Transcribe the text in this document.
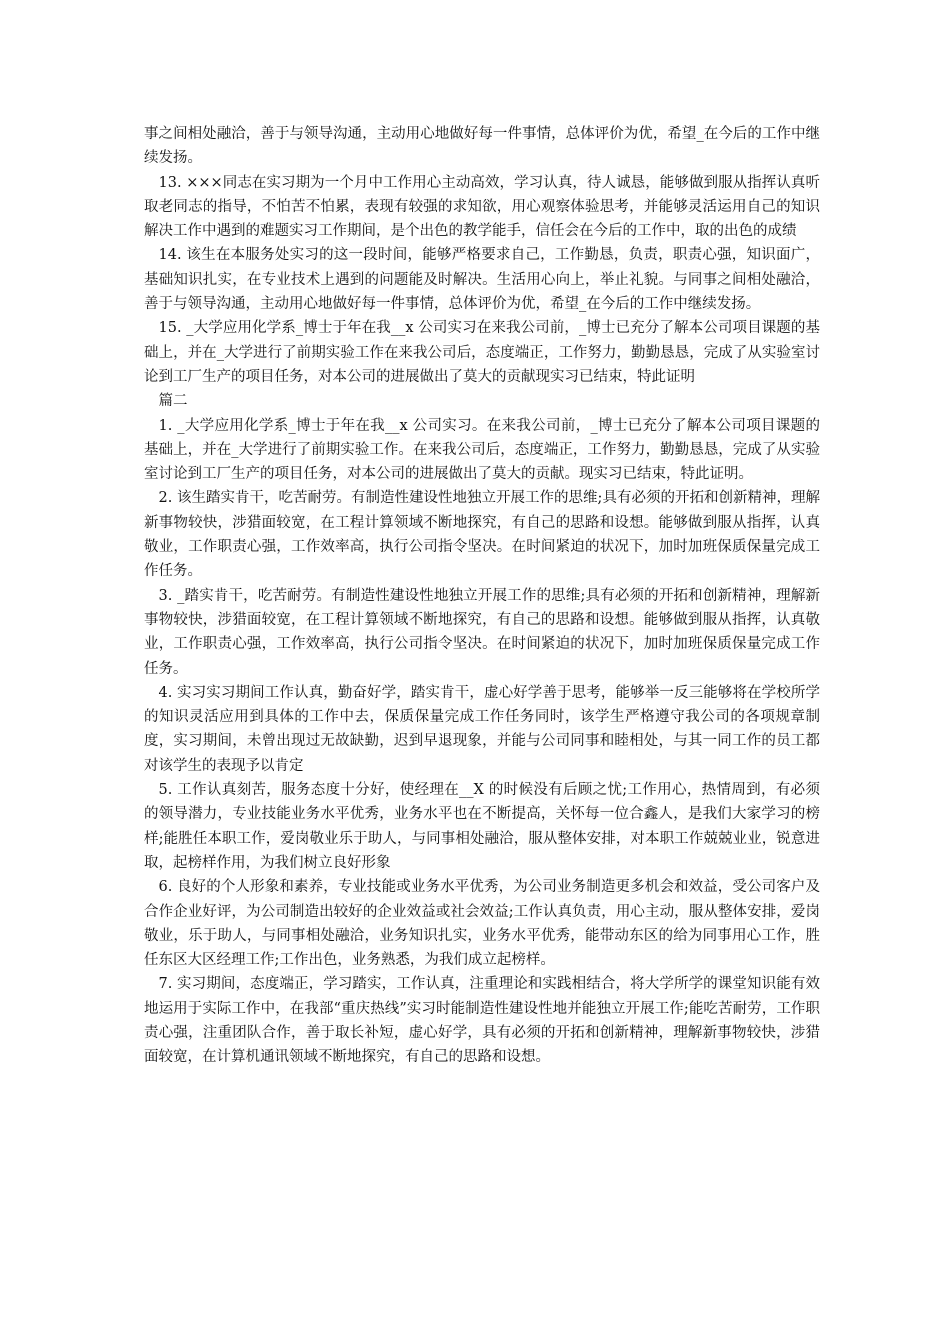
事之间相处融洽，善于与领导沟通，主动用心地做好每一件事情，总体评价为优，希望_在今后的工作中继续发扬。

13. ×××同志在实习期为一个月中工作用心主动高效，学习认真，待人诚恳，能够做到服从指挥认真听取老同志的指导，不怕苦不怕累，表现有较强的求知欲，用心观察体验思考，并能够灵活运用自己的知识解决工作中遇到的难题实习工作期间，是个出色的教学能手，信任会在今后的工作中，取的出色的成绩

14. 该生在本服务处实习的这一段时间，能够严格要求自己，工作勤恳，负责，职责心强，知识面广，基础知识扎实，在专业技术上遇到的问题能及时解决。生活用心向上，举止礼貌。与同事之间相处融洽，善于与领导沟通，主动用心地做好每一件事情，总体评价为优，希望_在今后的工作中继续发扬。

15. _大学应用化学系_博士于年在我__x 公司实习在来我公司前，_博士已充分了解本公司项目课题的基础上，并在_大学进行了前期实验工作在来我公司后，态度端正，工作努力，勤勤恳恳，完成了从实验室讨论到工厂生产的项目任务，对本公司的进展做出了莫大的贡献现实习已结束，特此证明

篇二

1. _大学应用化学系_博士于年在我__x 公司实习。在来我公司前，_博士已充分了解本公司项目课题的基础上，并在_大学进行了前期实验工作。在来我公司后，态度端正，工作努力，勤勤恳恳，完成了从实验室讨论到工厂生产的项目任务，对本公司的进展做出了莫大的贡献。现实习已结束，特此证明。

2. 该生踏实肯干，吃苦耐劳。有制造性建设性地独立开展工作的思维;具有必须的开拓和创新精神，理解新事物较快，涉猎面较宽，在工程计算领域不断地探究，有自己的思路和设想。能够做到服从指挥，认真敬业，工作职责心强，工作效率高，执行公司指令坚决。在时间紧迫的状况下，加时加班保质保量完成工作任务。

3. _踏实肯干，吃苦耐劳。有制造性建设性地独立开展工作的思维;具有必须的开拓和创新精神，理解新事物较快，涉猎面较宽，在工程计算领域不断地探究，有自己的思路和设想。能够做到服从指挥，认真敬业，工作职责心强，工作效率高，执行公司指令坚决。在时间紧迫的状况下，加时加班保质保量完成工作任务。

4. 实习实习期间工作认真，勤奋好学，踏实肯干，虚心好学善于思考，能够举一反三能够将在学校所学的知识灵活应用到具体的工作中去，保质保量完成工作任务同时，该学生严格遵守我公司的各项规章制度，实习期间，未曾出现过无故缺勤，迟到早退现象，并能与公司同事和睦相处，与其一同工作的员工都对该学生的表现予以肯定

5. 工作认真刻苦，服务态度十分好，使经理在__X 的时候没有后顾之忧;工作用心，热情周到，有必须的领导潜力，专业技能业务水平优秀，业务水平也在不断提高，关怀每一位合鑫人，是我们大家学习的榜样;能胜任本职工作，爱岗敬业乐于助人，与同事相处融洽，服从整体安排，对本职工作兢兢业业，锐意进取，起榜样作用，为我们树立良好形象

6. 良好的个人形象和素养，专业技能或业务水平优秀，为公司业务制造更多机会和效益，受公司客户及合作企业好评，为公司制造出较好的企业效益或社会效益;工作认真负责，用心主动，服从整体安排，爱岗敬业，乐于助人，与同事相处融洽，业务知识扎实，业务水平优秀，能带动东区的给为同事用心工作，胜任东区大区经理工作;工作出色，业务熟悉，为我们成立起榜样。

7. 实习期间，态度端正，学习踏实，工作认真，注重理论和实践相结合，将大学所学的课堂知识能有效地运用于实际工作中，在我部“重庆热线”实习时能制造性建设性地并能独立开展工作;能吃苦耐劳，工作职责心强，注重团队合作，善于取长补短，虚心好学，具有必须的开拓和创新精神，理解新事物较快，涉猎面较宽，在计算机通讯领域不断地探究，有自己的思路和设想。
